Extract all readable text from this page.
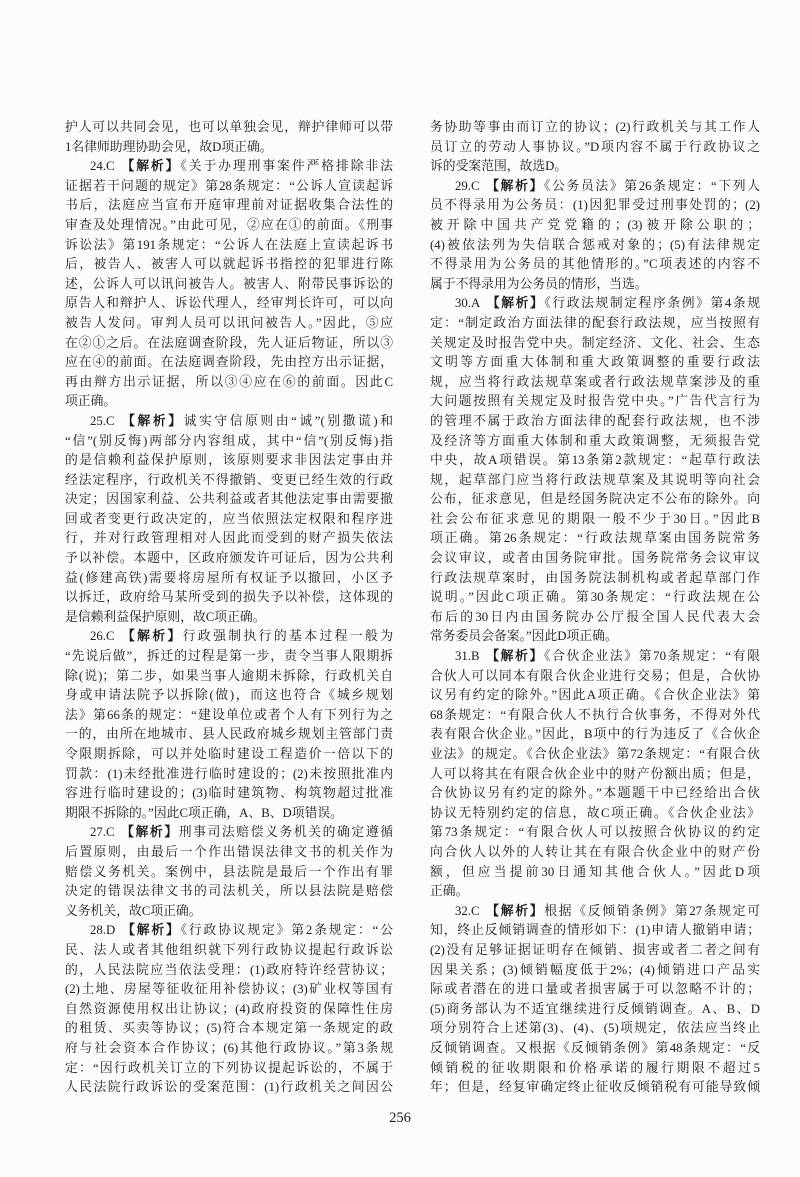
护人可以共同会见，也可以单独会见，辩护律师可以带
1名律师助理协助会见，故D项正确。
24.C 【解析】《关于办理刑事案件严格排除非法
证据若干问题的规定》第28条规定：“公诉人宣读起诉
书后，法庭应当宣布开庭审理前对证据收集合法性的
审查及处理情况。”由此可见，②应在①的前面。《刑事
诉讼法》第191条规定：“公诉人在法庭上宣读起诉书
后，被告人、被害人可以就起诉书指控的犯罪进行陈
述，公诉人可以讯问被告人。被害人、附带民事诉讼的
原告人和辩护人、诉讼代理人，经审判长许可，可以向
被告人发问。审判人员可以讯问被告人。”因此，⑤应
在②①之后。在法庭调查阶段，先人证后物证，所以③
应在④的前面。在法庭调查阶段，先由控方出示证据，
再由辩方出示证据，所以③④应在⑥的前面。因此C
项正确。
25.C 【解析】诚实守信原则由“诚”(别撒谎)和
“信”(别反悔)两部分内容组成，其中“信”(别反悔)指
的是信赖利益保护原则，该原则要求非因法定事由并
经法定程序，行政机关不得撤销、变更已经生效的行政
决定；因国家利益、公共利益或者其他法定事由需要撤
回或者变更行政决定的，应当依照法定权限和程序进
行，并对行政管理相对人因此而受到的财产损失依法
予以补偿。本题中，区政府颁发许可证后，因为公共利
益(修建高铁)需要将房屋所有权证予以撤回，小区予
以拆迁，政府给马某所受到的损失予以补偿，这体现的
是信赖利益保护原则，故C项正确。
26.C 【解析】行政强制执行的基本过程一般为
“先说后做”，拆迁的过程是第一步，责令当事人限期拆
除(说)；第二步，如果当事人逾期未拆除，行政机关自
身或申请法院予以拆除(做)，而这也符合《城乡规划
法》第66条的规定：“建设单位或者个人有下列行为之
一的，由所在地城市、县人民政府城乡规划主管部门责
令限期拆除，可以并处临时建设工程造价一倍以下的
罚款：(1)未经批准进行临时建设的；(2)未按照批准内
容进行临时建设的；(3)临时建筑物、构筑物超过批准
期限不拆除的。”因此C项正确，A、B、D项错误。
27.C 【解析】刑事司法赔偿义务机关的确定遵循
后置原则，由最后一个作出错误法律文书的机关作为
赔偿义务机关。案例中，县法院是最后一个作出有罪
决定的错误法律文书的司法机关，所以县法院是赔偿
义务机关，故C项正确。
28.D 【解析】《行政协议规定》第2条规定：“公
民、法人或者其他组织就下列行政协议提起行政诉讼
的，人民法院应当依法受理：(1)政府特许经营协议；
(2)土地、房屋等征收征用补偿协议；(3)矿业权等国有
自然资源使用权出让协议；(4)政府投资的保障性住房
的租赁、买卖等协议；(5)符合本规定第一条规定的政
府与社会资本合作协议；(6)其他行政协议。”第3条规
定：“因行政机关订立的下列协议提起诉讼的，不属于
人民法院行政诉讼的受案范围：(1)行政机关之间因公
务协助等事由而订立的协议；(2)行政机关与其工作人
员订立的劳动人事协议。”D项内容不属于行政协议之
诉的受案范围，故选D。
29.C 【解析】《公务员法》第26条规定：“下列人
员不得录用为公务员：(1)因犯罪受过刑事处罚的；(2)
被开除中国共产党党籍的；(3)被开除公职的；
(4)被依法列为失信联合惩戒对象的；(5)有法律规定
不得录用为公务员的其他情形的。”C项表述的内容不
属于不得录用为公务员的情形，当选。
30.A 【解析】《行政法规制定程序条例》第4条规
定：“制定政治方面法律的配套行政法规，应当按照有
关规定及时报告党中央。制定经济、文化、社会、生态
文明等方面重大体制和重大政策调整的重要行政法
规，应当将行政法规草案或者行政法规草案涉及的重
大问题按照有关规定及时报告党中央。”广告代言行为
的管理不属于政治方面法律的配套行政法规，也不涉
及经济等方面重大体制和重大政策调整，无须报告党
中央，故A项错误。第13条第2款规定：“起草行政法
规，起草部门应当将行政法规草案及其说明等向社会
公布，征求意见，但是经国务院决定不公布的除外。向
社会公布征求意见的期限一般不少于30日。”因此B
项正确。第26条规定：“行政法规草案由国务院常务
会议审议，或者由国务院审批。国务院常务会议审议
行政法规草案时，由国务院法制机构或者起草部门作
说明。”因此C项正确。第30条规定：“行政法规在公
布后的30日内由国务院办公厅报全国人民代表大会
常务委员会备案。”因此D项正确。
31.B 【解析】《合伙企业法》第70条规定：“有限
合伙人可以同本有限合伙企业进行交易；但是，合伙协
议另有约定的除外。”因此A项正确。《合伙企业法》第
68条规定：“有限合伙人不执行合伙事务，不得对外代
表有限合伙企业。”因此，B项中的行为违反了《合伙企
业法》的规定。《合伙企业法》第72条规定：“有限合伙
人可以将其在有限合伙企业中的财产份额出质；但是，
合伙协议另有约定的除外。”本题题干中已经给出合伙
协议无特别约定的信息，故C项正确。《合伙企业法》
第73条规定：“有限合伙人可以按照合伙协议的约定
向合伙人以外的人转让其在有限合伙企业中的财产份
额，但应当提前30日通知其他合伙人。”因此D项
正确。
32.C 【解析】根据《反倾销条例》第27条规定可
知，终止反倾销调查的情形如下：(1)申请人撤销申请；
(2)没有足够证据证明存在倾销、损害或者二者之间有
因果关系；(3)倾销幅度低于2%；(4)倾销进口产品实
际或者潜在的进口量或者损害属于可以忽略不计的；
(5)商务部认为不适宜继续进行反倾销调查。A、B、D
项分别符合上述第(3)、(4)、(5)项规定，依法应当终止
反倾销调查。又根据《反倾销条例》第48条规定：“反
倾销税的征收期限和价格承诺的履行期限不超过5
年；但是，经复审确定终止征收反倾销税有可能导致倾
256
